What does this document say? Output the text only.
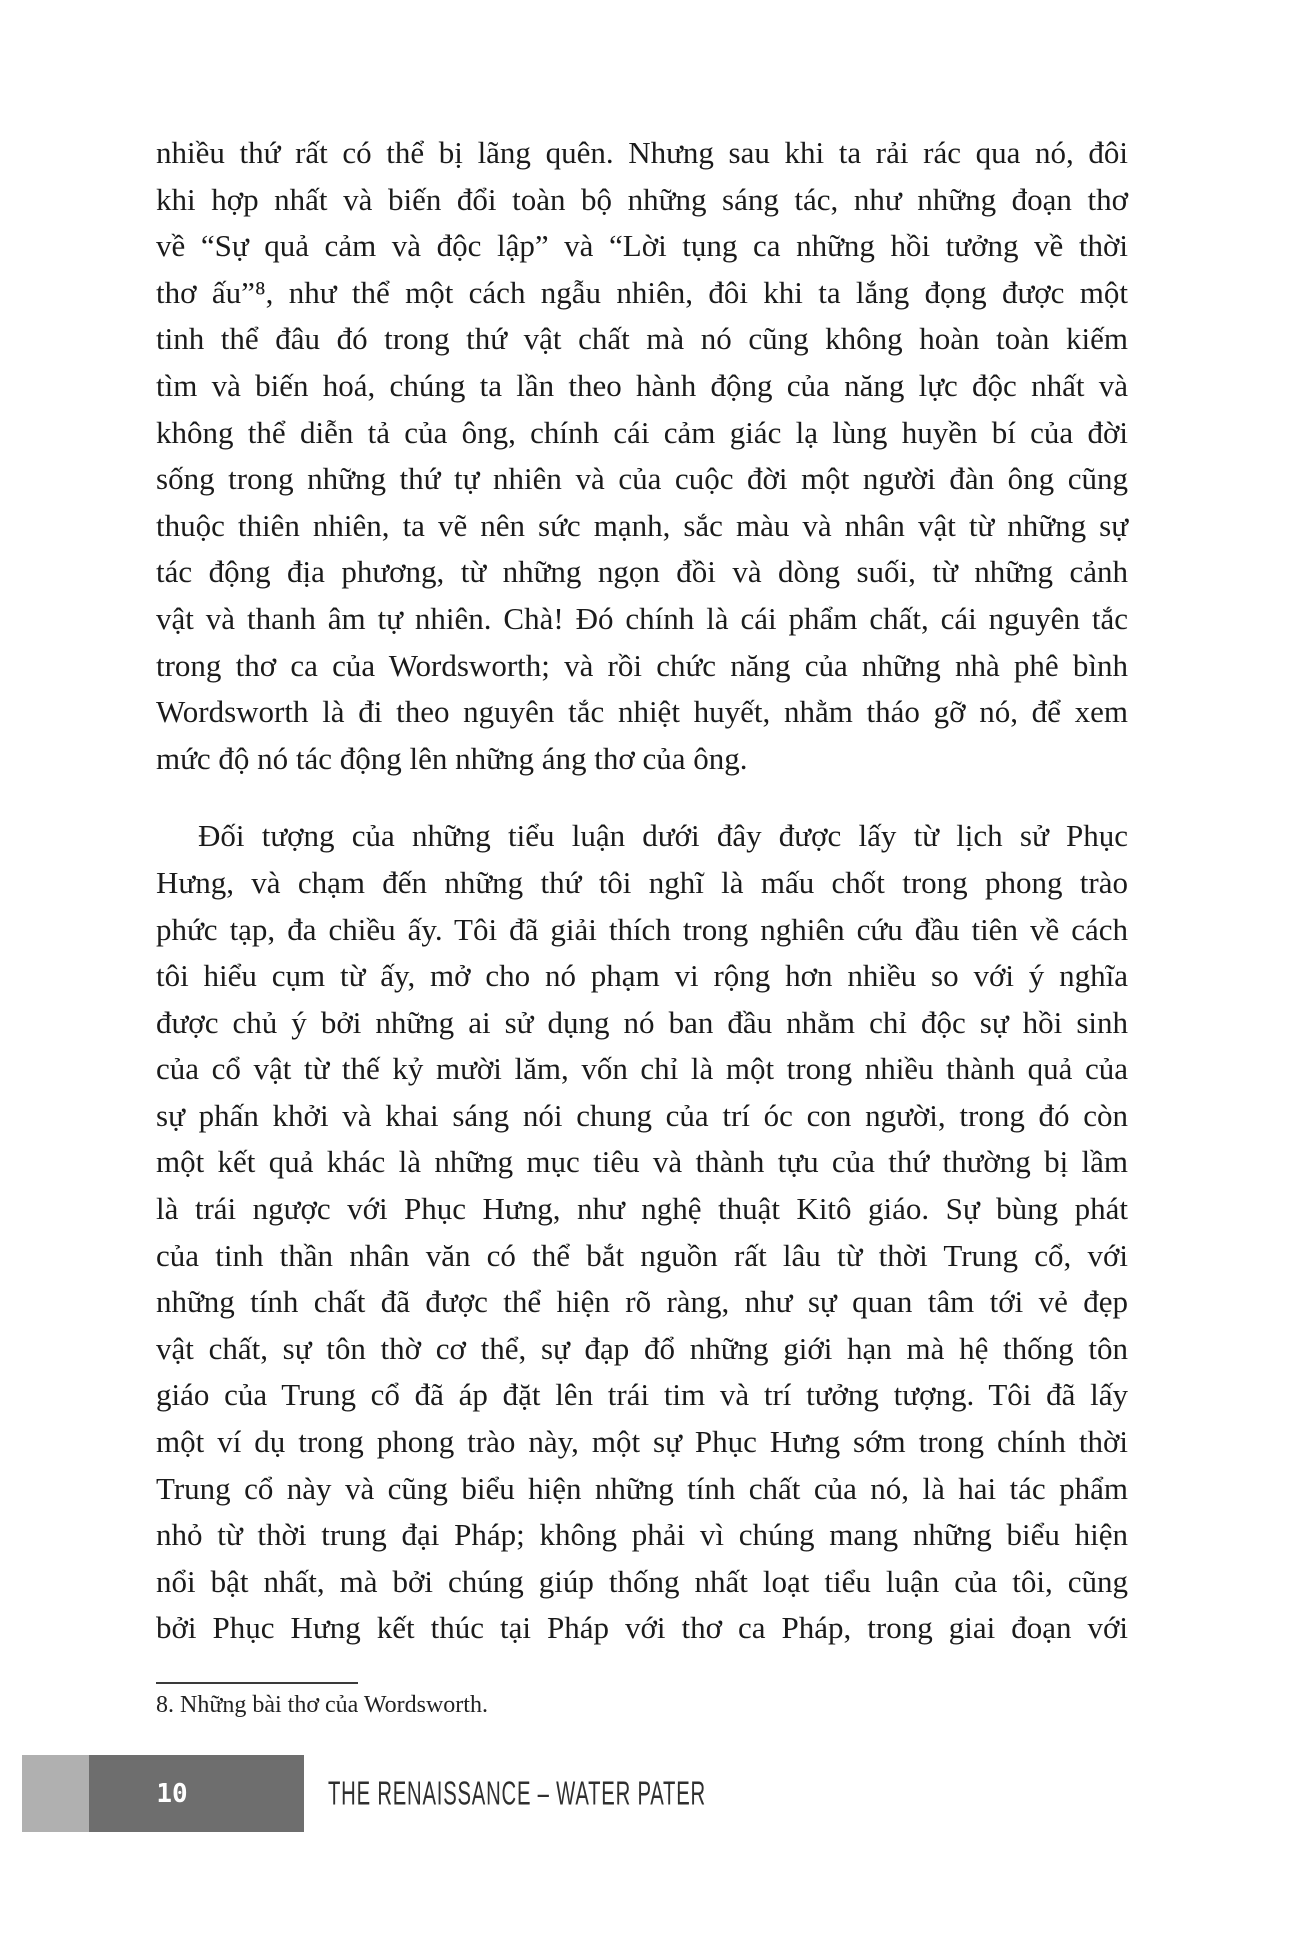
nhiều thứ rất có thể bị lãng quên. Nhưng sau khi ta rải rác qua nó, đôi
khi hợp nhất và biến đổi toàn bộ những sáng tác, như những đoạn thơ
về “Sự quả cảm và độc lập” và “Lời tụng ca những hồi tưởng về thời
thơ ấu”⁸, như thể một cách ngẫu nhiên, đôi khi ta lắng đọng được một
tinh thể đâu đó trong thứ vật chất mà nó cũng không hoàn toàn kiếm
tìm và biến hoá, chúng ta lần theo hành động của năng lực độc nhất và
không thể diễn tả của ông, chính cái cảm giác lạ lùng huyền bí của đời
sống trong những thứ tự nhiên và của cuộc đời một người đàn ông cũng
thuộc thiên nhiên, ta vẽ nên sức mạnh, sắc màu và nhân vật từ những sự
tác động địa phương, từ những ngọn đồi và dòng suối, từ những cảnh
vật và thanh âm tự nhiên. Chà! Đó chính là cái phẩm chất, cái nguyên tắc
trong thơ ca của Wordsworth; và rồi chức năng của những nhà phê bình
Wordsworth là đi theo nguyên tắc nhiệt huyết, nhằm tháo gỡ nó, để xem
mức độ nó tác động lên những áng thơ của ông.
Đối tượng của những tiểu luận dưới đây được lấy từ lịch sử Phục
Hưng, và chạm đến những thứ tôi nghĩ là mấu chốt trong phong trào
phức tạp, đa chiều ấy. Tôi đã giải thích trong nghiên cứu đầu tiên về cách
tôi hiểu cụm từ ấy, mở cho nó phạm vi rộng hơn nhiều so với ý nghĩa
được chủ ý bởi những ai sử dụng nó ban đầu nhằm chỉ độc sự hồi sinh
của cổ vật từ thế kỷ mười lăm, vốn chỉ là một trong nhiều thành quả của
sự phấn khởi và khai sáng nói chung của trí óc con người, trong đó còn
một kết quả khác là những mục tiêu và thành tựu của thứ thường bị lầm
là trái ngược với Phục Hưng, như nghệ thuật Kitô giáo. Sự bùng phát
của tinh thần nhân văn có thể bắt nguồn rất lâu từ thời Trung cổ, với
những tính chất đã được thể hiện rõ ràng, như sự quan tâm tới vẻ đẹp
vật chất, sự tôn thờ cơ thể, sự đạp đổ những giới hạn mà hệ thống tôn
giáo của Trung cổ đã áp đặt lên trái tim và trí tưởng tượng. Tôi đã lấy
một ví dụ trong phong trào này, một sự Phục Hưng sớm trong chính thời
Trung cổ này và cũng biểu hiện những tính chất của nó, là hai tác phẩm
nhỏ từ thời trung đại Pháp; không phải vì chúng mang những biểu hiện
nổi bật nhất, mà bởi chúng giúp thống nhất loạt tiểu luận của tôi, cũng
bởi Phục Hưng kết thúc tại Pháp với thơ ca Pháp, trong giai đoạn với
8. Những bài thơ của Wordsworth.
10	THE RENAISSANCE – WATER PATER
